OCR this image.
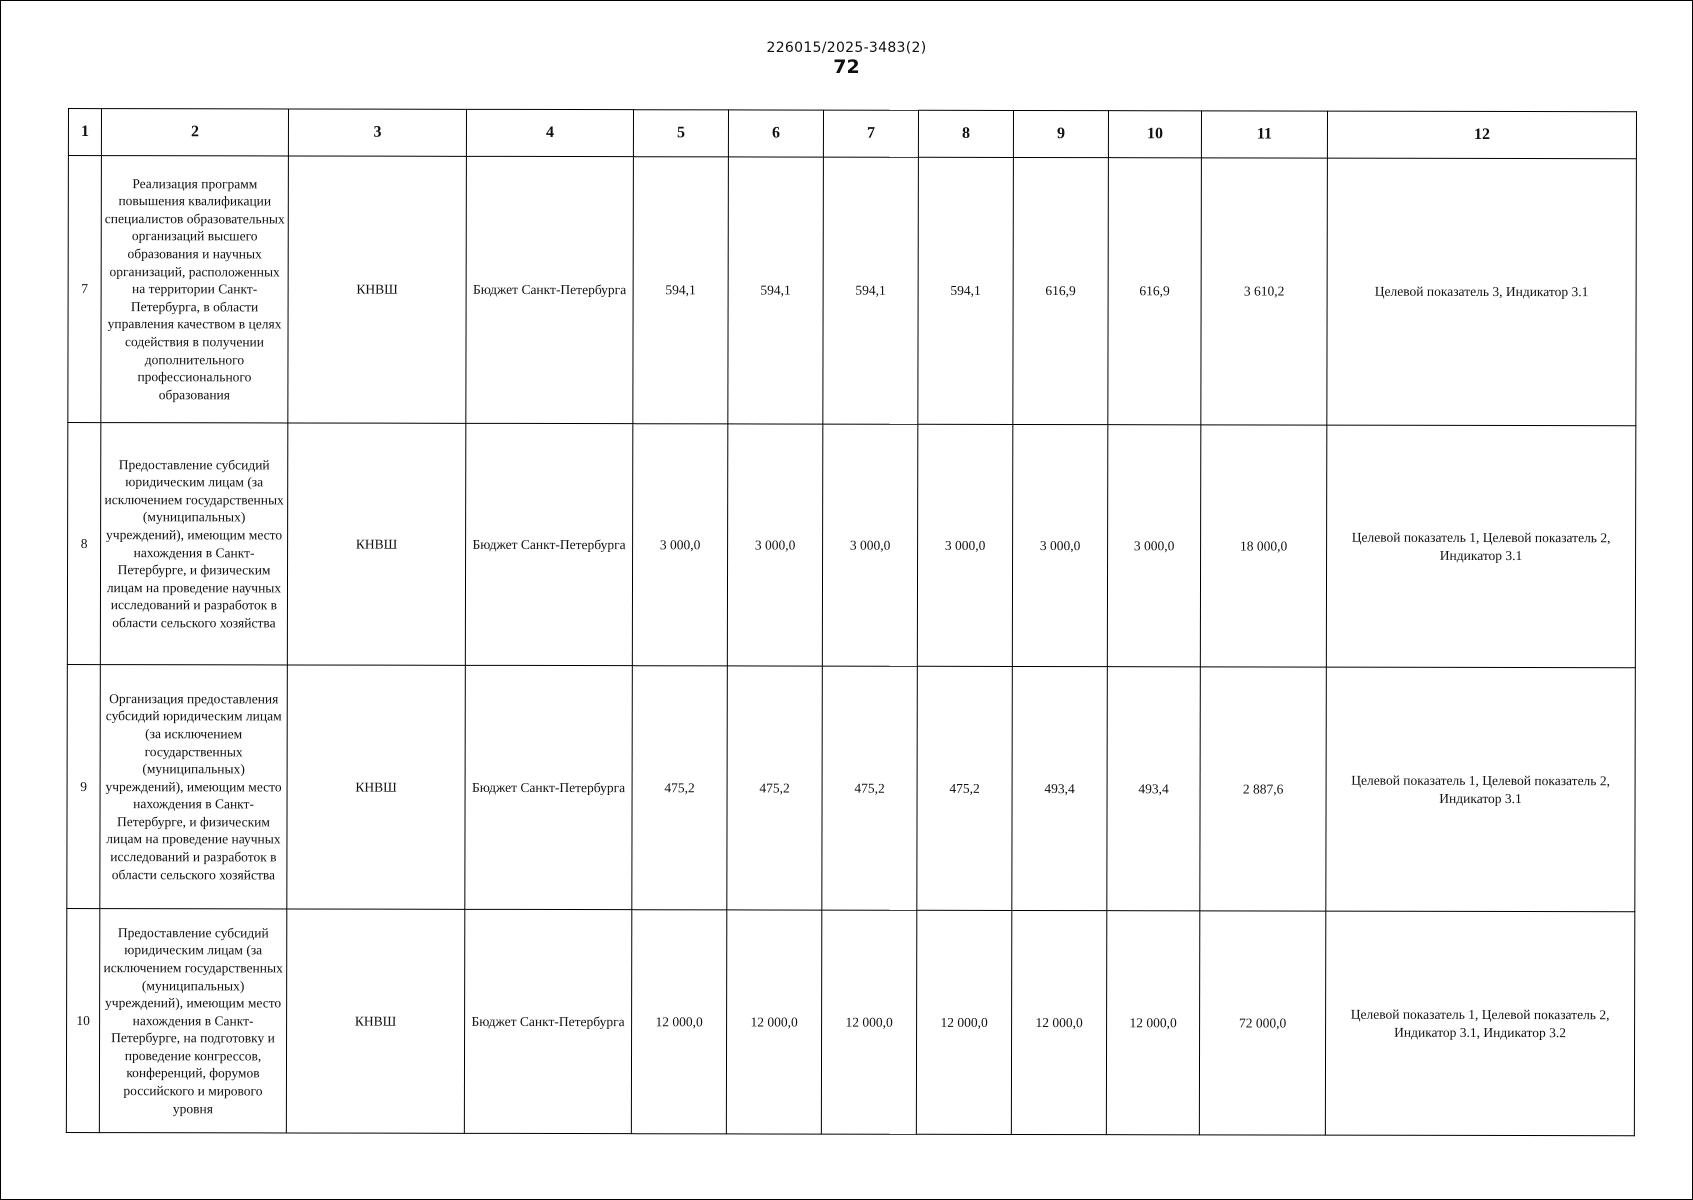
226015/2025-3483(2)
72
1	2	3	4	5	6	7	8	9	10	11	12
7	Реализация программ повышения квалификации специалистов образовательных организаций высшего образования и научных организаций, расположенных на территории Санкт-Петербурга, в области управления качеством в целях содействия в получении дополнительного профессионального образования	КНВШ	Бюджет Санкт-Петербурга	594,1	594,1	594,1	594,1	616,9	616,9	3 610,2	Целевой показатель 3, Индикатор 3.1
8	Предоставление субсидий юридическим лицам (за исключением государственных (муниципальных) учреждений), имеющим место нахождения в Санкт-Петербурге, и физическим лицам на проведение научных исследований и разработок в области сельского хозяйства	КНВШ	Бюджет Санкт-Петербурга	3 000,0	3 000,0	3 000,0	3 000,0	3 000,0	3 000,0	18 000,0	Целевой показатель 1, Целевой показатель 2, Индикатор 3.1
9	Организация предоставления субсидий юридическим лицам (за исключением государственных (муниципальных) учреждений), имеющим место нахождения в Санкт-Петербурге, и физическим лицам на проведение научных исследований и разработок в области сельского хозяйства	КНВШ	Бюджет Санкт-Петербурга	475,2	475,2	475,2	475,2	493,4	493,4	2 887,6	Целевой показатель 1, Целевой показатель 2, Индикатор 3.1
10	Предоставление субсидий юридическим лицам (за исключением государственных (муниципальных) учреждений), имеющим место нахождения в Санкт-Петербурге, на подготовку и проведение конгрессов, конференций, форумов российского и мирового уровня	КНВШ	Бюджет Санкт-Петербурга	12 000,0	12 000,0	12 000,0	12 000,0	12 000,0	12 000,0	72 000,0	Целевой показатель 1, Целевой показатель 2, Индикатор 3.1, Индикатор 3.2
